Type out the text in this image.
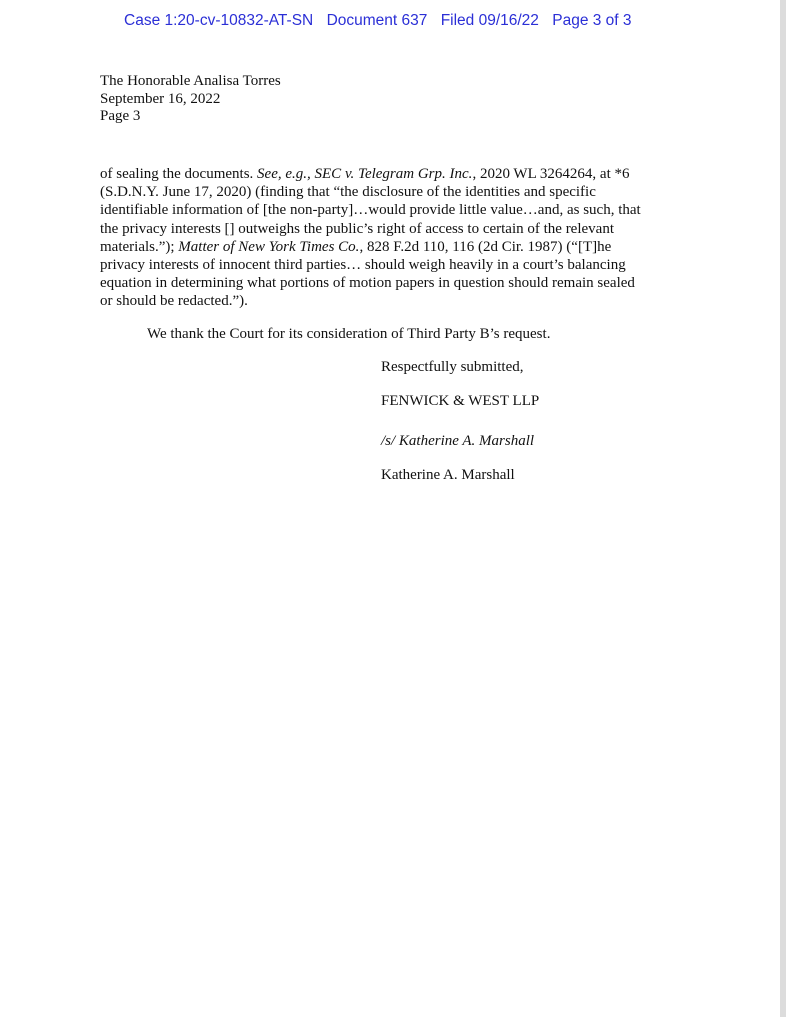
Case 1:20-cv-10832-AT-SN Document 637 Filed 09/16/22 Page 3 of 3
The Honorable Analisa Torres
September 16, 2022
Page 3
of sealing the documents. See, e.g., SEC v. Telegram Grp. Inc., 2020 WL 3264264, at *6
(S.D.N.Y. June 17, 2020) (finding that “the disclosure of the identities and specific
identifiable information of [the non-party]…would provide little value…and, as such, that
the privacy interests [] outweighs the public’s right of access to certain of the relevant
materials.”); Matter of New York Times Co., 828 F.2d 110, 116 (2d Cir. 1987) (“[T]he
privacy interests of innocent third parties… should weigh heavily in a court’s balancing
equation in determining what portions of motion papers in question should remain sealed
or should be redacted.”).
We thank the Court for its consideration of Third Party B’s request.
Respectfully submitted,
FENWICK & WEST LLP
/s/ Katherine A. Marshall
Katherine A. Marshall
